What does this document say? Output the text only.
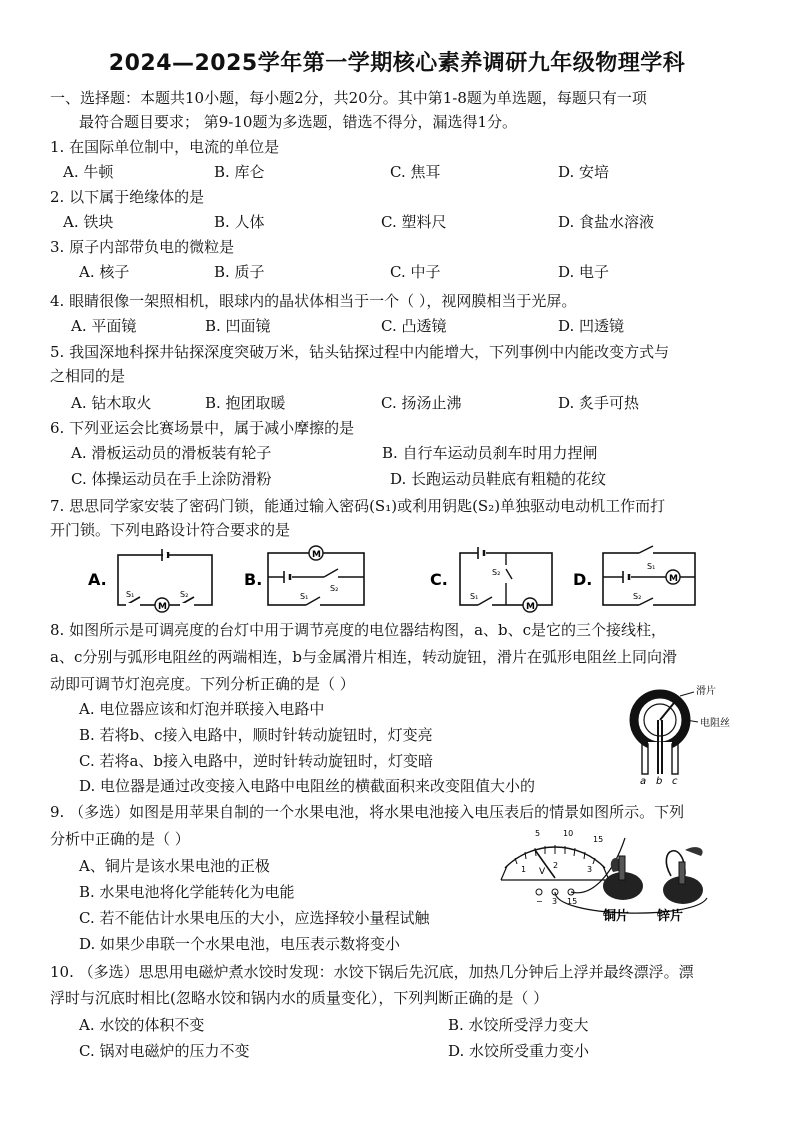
2024—2025学年第一学期核心素养调研九年级物理学科
一、选择题：本题共10小题，每小题2分，共20分。其中第1-8题为单选题，每题只有一项
最符合题目要求； 第9-10题为多选题，错选不得分，漏选得1分。
1. 在国际单位制中，电流的单位是
A. 牛顿	B. 库仑	C. 焦耳	D. 安培
2. 以下属于绝缘体的是
A. 铁块	B. 人体	C. 塑料尺	D. 食盐水溶液
3. 原子内部带负电的微粒是
A. 核子	B. 质子	C. 中子	D. 电子
4. 眼睛很像一架照相机，眼球内的晶状体相当于一个（ ），视网膜相当于光屏。
A. 平面镜	B. 凹面镜	C. 凸透镜	D. 凹透镜
5. 我国深地科探井钻探深度突破万米，钻头钻探过程中内能增大，下列事例中内能改变方式与
之相同的是
A. 钻木取火	B. 抱团取暖	C. 扬汤止沸	D. 炙手可热
6. 下列亚运会比赛场景中，属于减小摩擦的是
A. 滑板运动员的滑板装有轮子	B. 自行车运动员刹车时用力捏闸
C. 体操运动员在手上涂防滑粉	D. 长跑运动员鞋底有粗糙的花纹
7. 思思同学家安装了密码门锁，能通过输入密码(S₁)或利用钥匙(S₂)单独驱动电动机工作而打
开门锁。下列电路设计符合要求的是
A.
M
S₁	S₂
B.
M
S₂
S₁
C.	S₂
S₁
M
D.
S₁
M
S₂
8. 如图所示是可调亮度的台灯中用于调节亮度的电位器结构图，a、b、c是它的三个接线柱，
a、c分别与弧形电阻丝的两端相连，b与金属滑片相连，转动旋钮，滑片在弧形电阻丝上同向滑
动即可调节灯泡亮度。下列分析正确的是（ ）
A. 电位器应该和灯泡并联接入电路中
B. 若将b、c接入电路中，顺时针转动旋钮时，灯变亮
C. 若将a、b接入电路中，逆时针转动旋钮时，灯变暗
D. 电位器是通过改变接入电路中电阻丝的横截面积来改变阻值大小的
滑片
电阻丝
a b c
9. （多选）如图是用苹果自制的一个水果电池，将水果电池接入电压表后的情景如图所示。下列
分析中正确的是（ ）
A、铜片是该水果电池的正极
B. 水果电池将化学能转化为电能
C. 若不能估计水果电压的大小，应选择较小量程试触
D. 如果少串联一个水果电池，电压表示数将变小
5	10
15
1	2	3
V
− 3 15
铜片 锌片
10. （多选）思思用电磁炉煮水饺时发现：水饺下锅后先沉底，加热几分钟后上浮并最终漂浮。漂
浮时与沉底时相比(忽略水饺和锅内水的质量变化），下列判断正确的是（ ）
A. 水饺的体积不变	B. 水饺所受浮力变大
C. 锅对电磁炉的压力不变	D. 水饺所受重力变小
